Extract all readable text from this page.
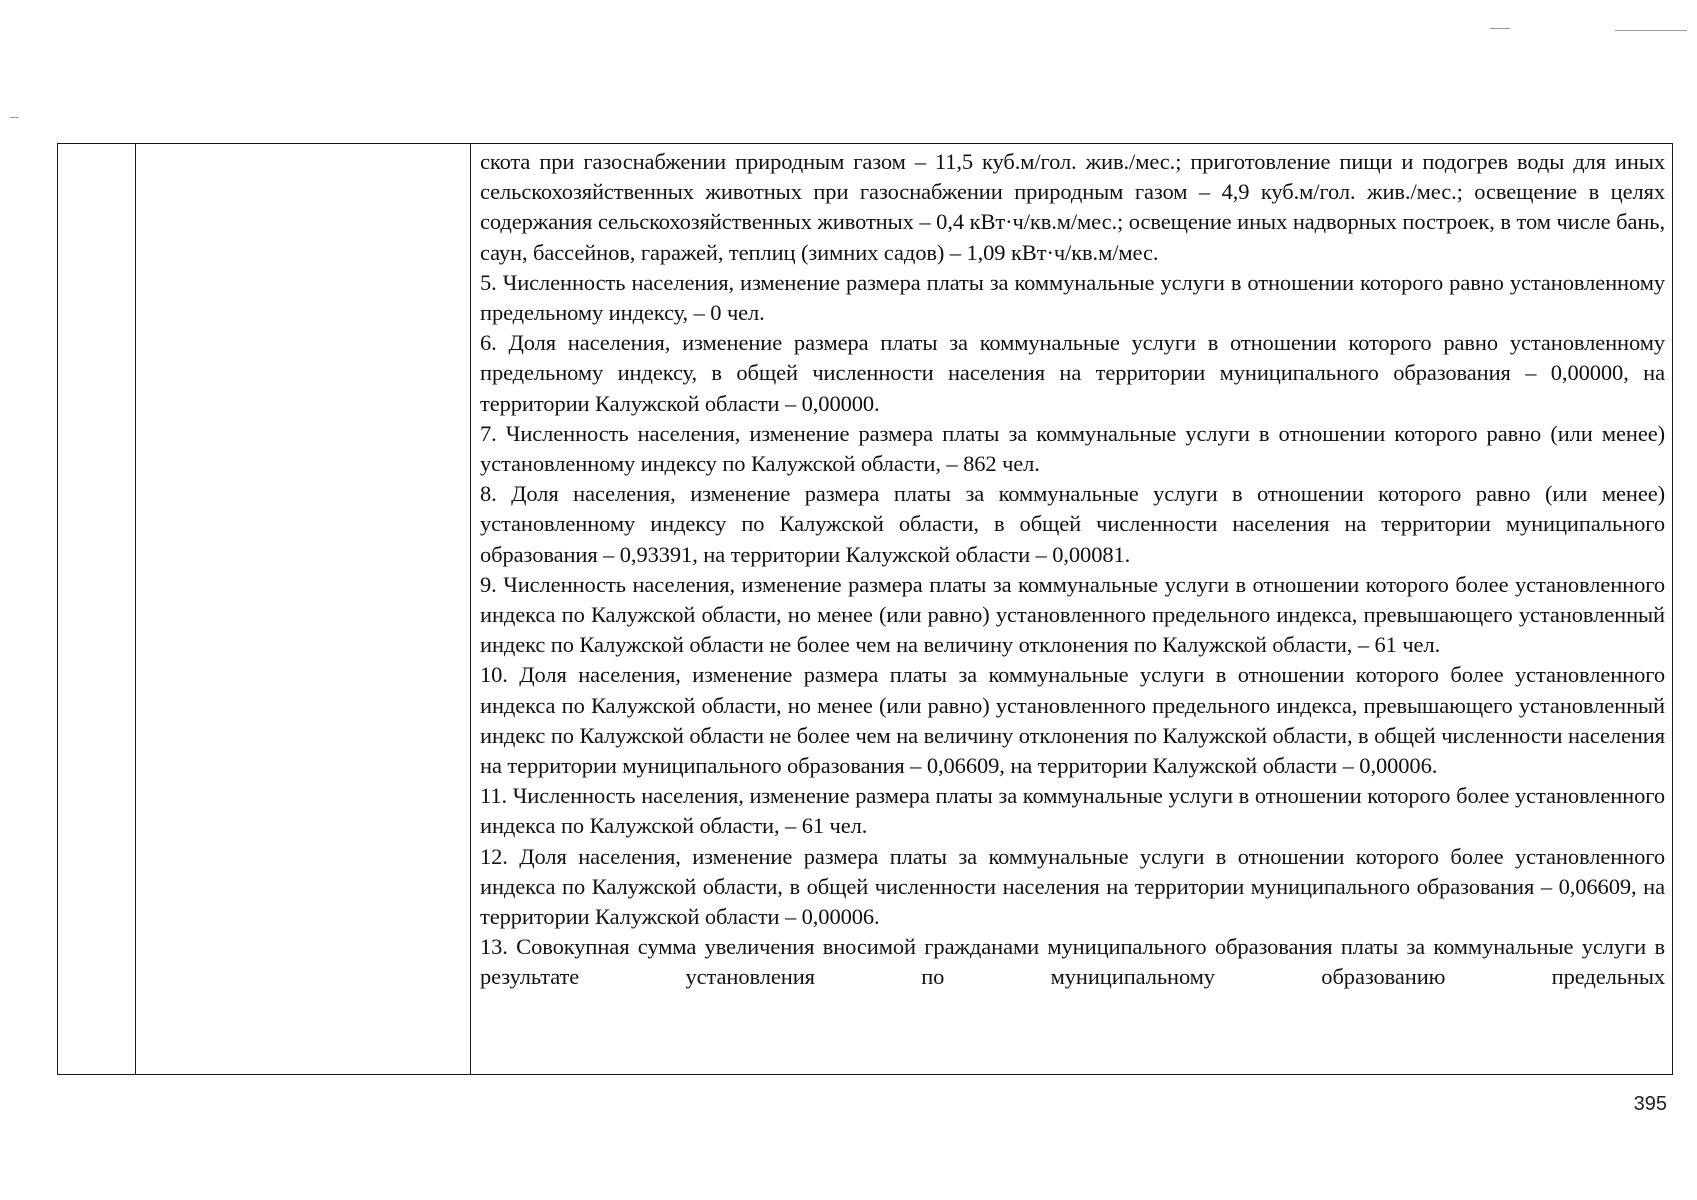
скота при газоснабжении природным газом – 11,5 куб.м/гол. жив./мес.; приготовление пищи и подогрев воды для иных сельскохозяйственных животных при газоснабжении природным газом – 4,9 куб.м/гол. жив./мес.; освещение в целях содержания сельскохозяйственных животных – 0,4 кВт·ч/кв.м/мес.; освещение иных надворных построек, в том числе бань, саун, бассейнов, гаражей, теплиц (зимних садов) – 1,09 кВт·ч/кв.м/мес.

5. Численность населения, изменение размера платы за коммунальные услуги в отношении которого равно установленному предельному индексу, – 0 чел.

6. Доля населения, изменение размера платы за коммунальные услуги в отношении которого равно установленному предельному индексу, в общей численности населения на территории муниципального образования – 0,00000, на территории Калужской области – 0,00000.

7. Численность населения, изменение размера платы за коммунальные услуги в отношении которого равно (или менее) установленному индексу по Калужской области, – 862 чел.

8. Доля населения, изменение размера платы за коммунальные услуги в отношении которого равно (или менее) установленному индексу по Калужской области, в общей численности населения на территории муниципального образования – 0,93391, на территории Калужской области – 0,00081.

9. Численность населения, изменение размера платы за коммунальные услуги в отношении которого более установленного индекса по Калужской области, но менее (или равно) установленного предельного индекса, превышающего установленный индекс по Калужской области не более чем на величину отклонения по Калужской области, – 61 чел.

10. Доля населения, изменение размера платы за коммунальные услуги в отношении которого более установленного индекса по Калужской области, но менее (или равно) установленного предельного индекса, превышающего установленный индекс по Калужской области не более чем на величину отклонения по Калужской области, в общей численности населения на территории муниципального образования – 0,06609, на территории Калужской области – 0,00006.

11. Численность населения, изменение размера платы за коммунальные услуги в отношении которого более установленного индекса по Калужской области, – 61 чел.

12. Доля населения, изменение размера платы за коммунальные услуги в отношении которого более установленного индекса по Калужской области, в общей численности населения на территории муниципального образования – 0,06609, на территории Калужской области – 0,00006.

13. Совокупная сумма увеличения вносимой гражданами муниципального образования платы за коммунальные услуги в результате установления по муниципальному образованию предельных

395
